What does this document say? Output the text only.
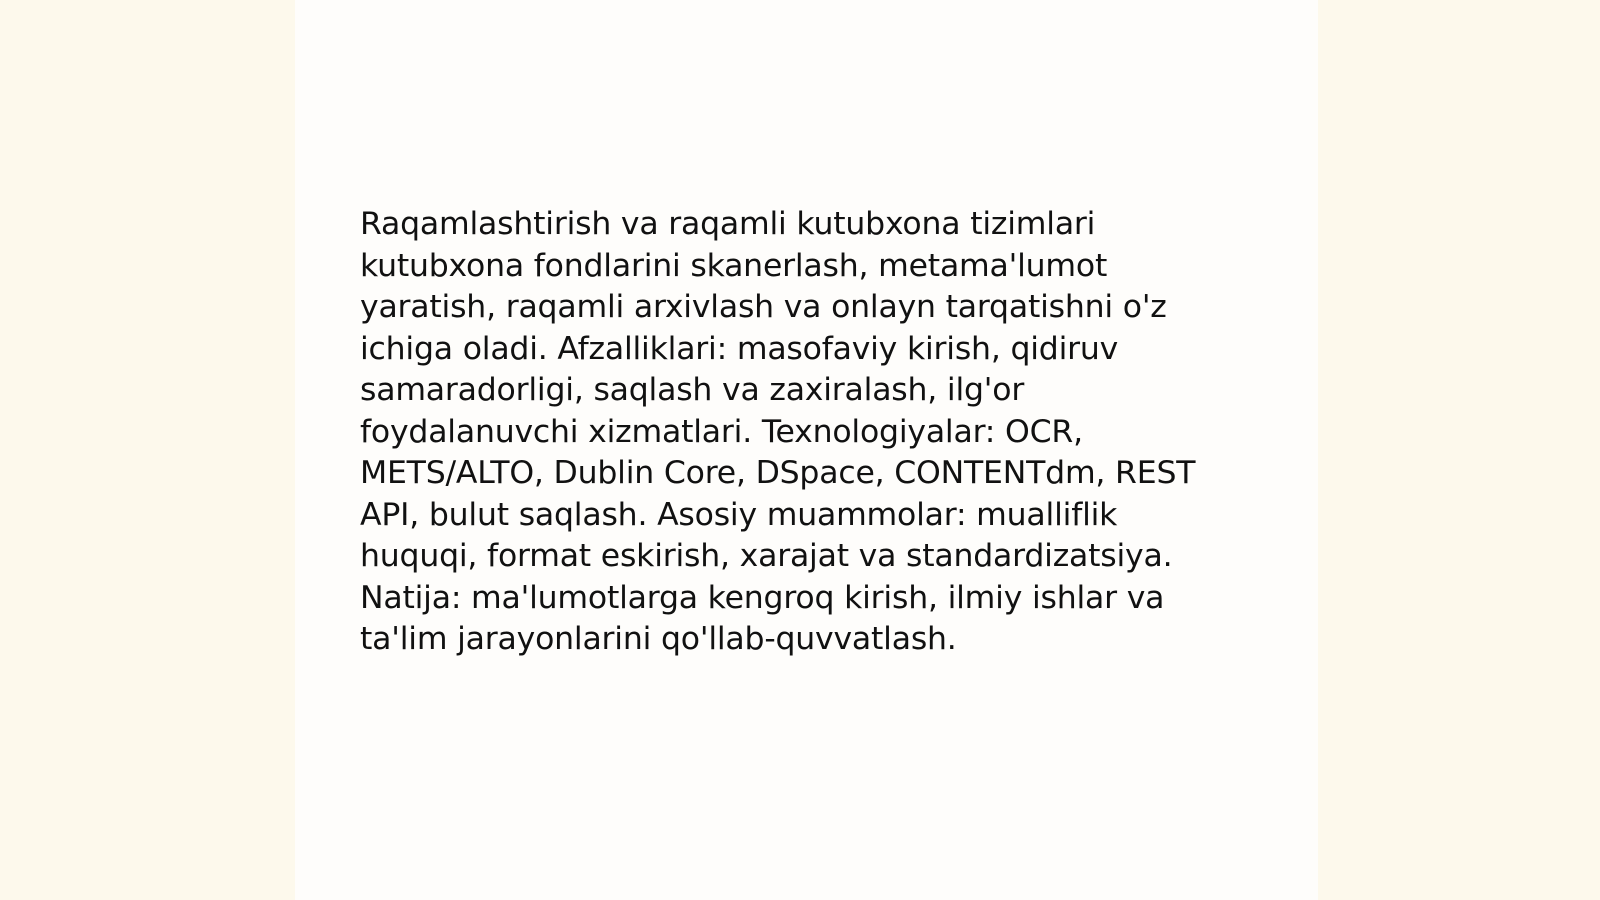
Raqamlashtirish va raqamli kutubxona tizimlari
kutubxona fondlarini skanerlash, metama'lumot
yaratish, raqamli arxivlash va onlayn tarqatishni o'z
ichiga oladi. Afzalliklari: masofaviy kirish, qidiruv
samaradorligi, saqlash va zaxiralash, ilg'or
foydalanuvchi xizmatlari. Texnologiyalar: OCR,
METS/ALTO, Dublin Core, DSpace, CONTENTdm, REST
API, bulut saqlash. Asosiy muammolar: mualliflik
huquqi, format eskirish, xarajat va standardizatsiya.
Natija: ma'lumotlarga kengroq kirish, ilmiy ishlar va
ta'lim jarayonlarini qo'llab-quvvatlash.
